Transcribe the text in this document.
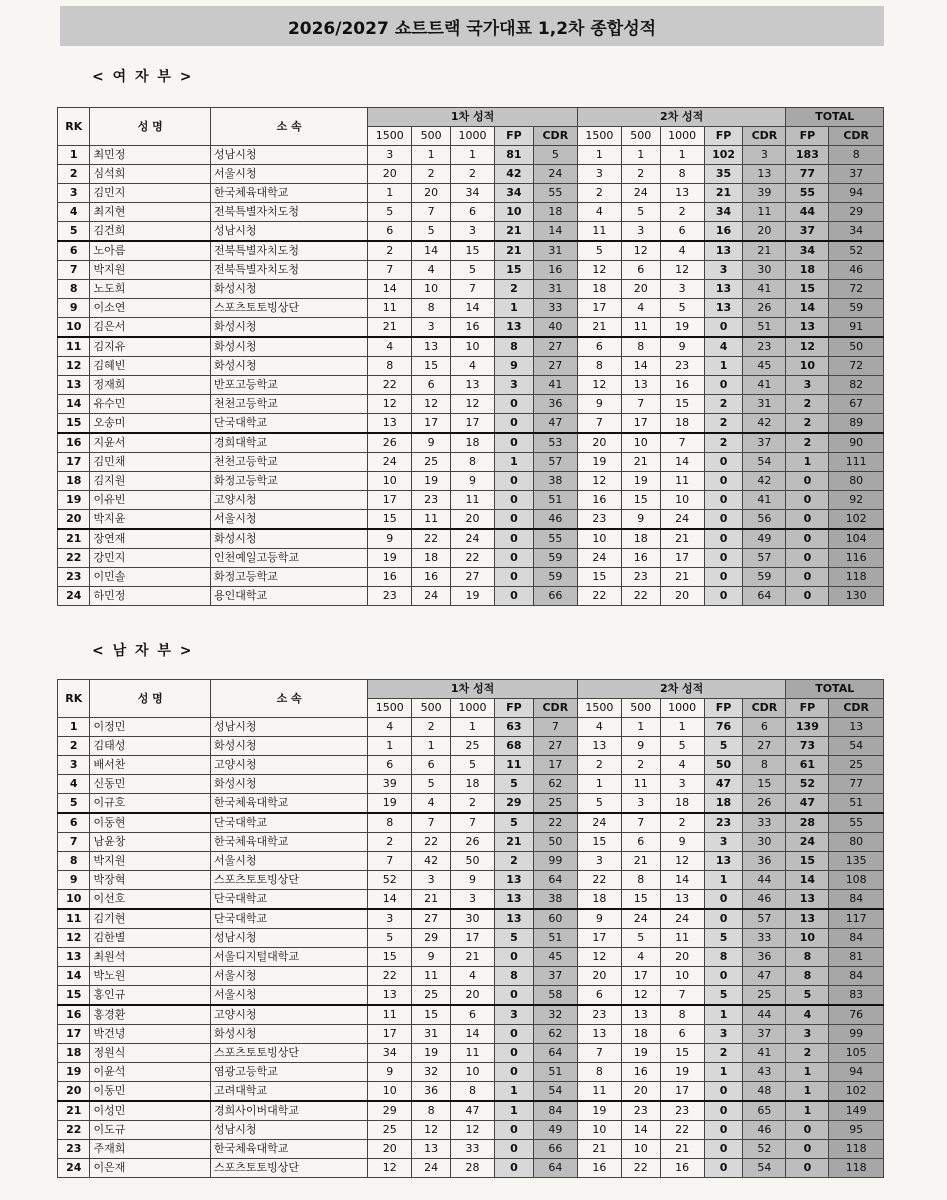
2026/2027 쇼트트랙 국가대표 1,2차 종합성적
< 여 자 부 >
RK	성 명	소 속	1차 성적					2차 성적					TOTAL	
			1500	500	1000	FP	CDR	1500	500	1000	FP	CDR	FP	CDR
1	최민정	성남시청	3	1	1	81	5	1	1	1	102	3	183	8
2	심석희	서울시청	20	2	2	42	24	3	2	8	35	13	77	37
3	김민지	한국체육대학교	1	20	34	34	55	2	24	13	21	39	55	94
4	최지현	전북특별자치도청	5	7	6	10	18	4	5	2	34	11	44	29
5	김건희	성남시청	6	5	3	21	14	11	3	6	16	20	37	34
6	노아름	전북특별자치도청	2	14	15	21	31	5	12	4	13	21	34	52
7	박지원	전북특별자치도청	7	4	5	15	16	12	6	12	3	30	18	46
8	노도희	화성시청	14	10	7	2	31	18	20	3	13	41	15	72
9	이소연	스포츠토토빙상단	11	8	14	1	33	17	4	5	13	26	14	59
10	김은서	화성시청	21	3	16	13	40	21	11	19	0	51	13	91
11	김지유	화성시청	4	13	10	8	27	6	8	9	4	23	12	50
12	김혜빈	화성시청	8	15	4	9	27	8	14	23	1	45	10	72
13	정재희	반포고등학교	22	6	13	3	41	12	13	16	0	41	3	82
14	유수민	천천고등학교	12	12	12	0	36	9	7	15	2	31	2	67
15	오송미	단국대학교	13	17	17	0	47	7	17	18	2	42	2	89
16	지윤서	경희대학교	26	9	18	0	53	20	10	7	2	37	2	90
17	김민채	천천고등학교	24	25	8	1	57	19	21	14	0	54	1	111
18	김지원	화정고등학교	10	19	9	0	38	12	19	11	0	42	0	80
19	이유빈	고양시청	17	23	11	0	51	16	15	10	0	41	0	92
20	박지윤	서울시청	15	11	20	0	46	23	9	24	0	56	0	102
21	장연재	화성시청	9	22	24	0	55	10	18	21	0	49	0	104
22	강민지	인천예일고등학교	19	18	22	0	59	24	16	17	0	57	0	116
23	이민솔	화정고등학교	16	16	27	0	59	15	23	21	0	59	0	118
24	하민정	용인대학교	23	24	19	0	66	22	22	20	0	64	0	130
< 남 자 부 >
RK	성 명	소 속	1차 성적					2차 성적					TOTAL	
			1500	500	1000	FP	CDR	1500	500	1000	FP	CDR	FP	CDR
1	이정민	성남시청	4	2	1	63	7	4	1	1	76	6	139	13
2	김태성	화성시청	1	1	25	68	27	13	9	5	5	27	73	54
3	배서찬	고양시청	6	6	5	11	17	2	2	4	50	8	61	25
4	신동민	화성시청	39	5	18	5	62	1	11	3	47	15	52	77
5	이규호	한국체육대학교	19	4	2	29	25	5	3	18	18	26	47	51
6	이동현	단국대학교	8	7	7	5	22	24	7	2	23	33	28	55
7	남윤창	한국체육대학교	2	22	26	21	50	15	6	9	3	30	24	80
8	박지원	서울시청	7	42	50	2	99	3	21	12	13	36	15	135
9	박장혁	스포츠토토빙상단	52	3	9	13	64	22	8	14	1	44	14	108
10	이선호	단국대학교	14	21	3	13	38	18	15	13	0	46	13	84
11	김기현	단국대학교	3	27	30	13	60	9	24	24	0	57	13	117
12	김한별	성남시청	5	29	17	5	51	17	5	11	5	33	10	84
13	최원석	서울디지털대학교	15	9	21	0	45	12	4	20	8	36	8	81
14	박노원	서울시청	22	11	4	8	37	20	17	10	0	47	8	84
15	홍인규	서울시청	13	25	20	0	58	6	12	7	5	25	5	83
16	홍경환	고양시청	11	15	6	3	32	23	13	8	1	44	4	76
17	박건녕	화성시청	17	31	14	0	62	13	18	6	3	37	3	99
18	정원식	스포츠토토빙상단	34	19	11	0	64	7	19	15	2	41	2	105
19	이윤석	염광고등학교	9	32	10	0	51	8	16	19	1	43	1	94
20	이동민	고려대학교	10	36	8	1	54	11	20	17	0	48	1	102
21	이성민	경희사이버대학교	29	8	47	1	84	19	23	23	0	65	1	149
22	이도규	성남시청	25	12	12	0	49	10	14	22	0	46	0	95
23	주재희	한국체육대학교	20	13	33	0	66	21	10	21	0	52	0	118
24	이은재	스포츠토토빙상단	12	24	28	0	64	16	22	16	0	54	0	118
